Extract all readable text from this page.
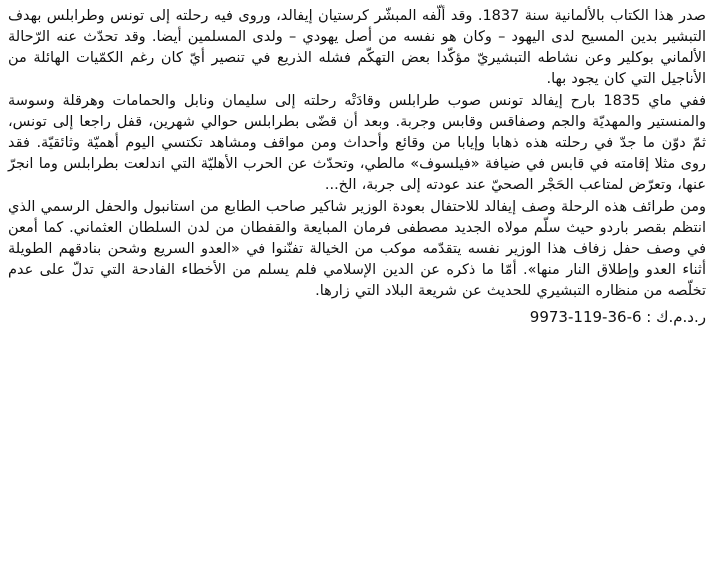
صدر هذا الكتاب بالألمانية سنة 1837. وقد ألّفه المبشّر كرستيان إيفالد، وروى فيه رحلته إلى تونس وطرابلس بهدف التبشير بدين المسيح لدى اليهود – وكان هو نفسه من أصل يهودي – ولدى المسلمين أيضا. وقد تحدّث عنه الرّحالة الألماني بوكلير وعن نشاطه التبشيريّ مؤكّدا بعض التهكّم فشله الذريع في تنصير أيّ كان رغم الكمّيات الهائلة من الأناجيل التي كان يجود بها.

ففي ماي 1835 بارح إيفالد تونس صوب طرابلس وقادَتْه رحلته إلى سليمان ونابل والحمامات وهرقلة وسوسة والمنستير والمهديّة والجم وصفاقس وقابس وجربة. وبعد أن قضّى بطرابلس حوالي شهرين، قفل راجعا إلى تونس، ثمّ دوّن ما جدّ في رحلته هذه ذهابا وإيابا من وقائع وأحداث ومن مواقف ومشاهد تكتسي اليوم أهميّة وثائقيّة. فقد روى مثلا إقامته في قابس في ضيافة «فيلسوف» مالطي، وتحدّث عن الحرب الأهليّة التي اندلعت بطرابلس وما انجرّ عنها، وتعرّض لمتاعب الحَجْر الصحيّ عند عودته إلى جربة، الخ...

ومن طرائف هذه الرحلة وصف إيفالد للاحتفال بعودة الوزير شاكير صاحب الطابع من استانبول والحفل الرسمي الذي انتظم بقصر باردو حيث سلّم مولاه الجديد مصطفى فرمان المبايعة والقفطان من لدن السلطان العثماني. كما أمعن في وصف حفل زفاف هذا الوزير نفسه يتقدّمه موكب من الخيالة تفنّنوا في «العدو السريع وشحن بنادقهم الطويلة أثناء العدو وإطلاق النار منها». أمّا ما ذكره عن الدين الإسلامي فلم يسلم من الأخطاء الفادحة التي تدلّ على عدم تخلّصه من منظاره التبشيري للحديث عن شريعة البلاد التي زارها.

ر.د.م.ك : 6-36-119-9973
